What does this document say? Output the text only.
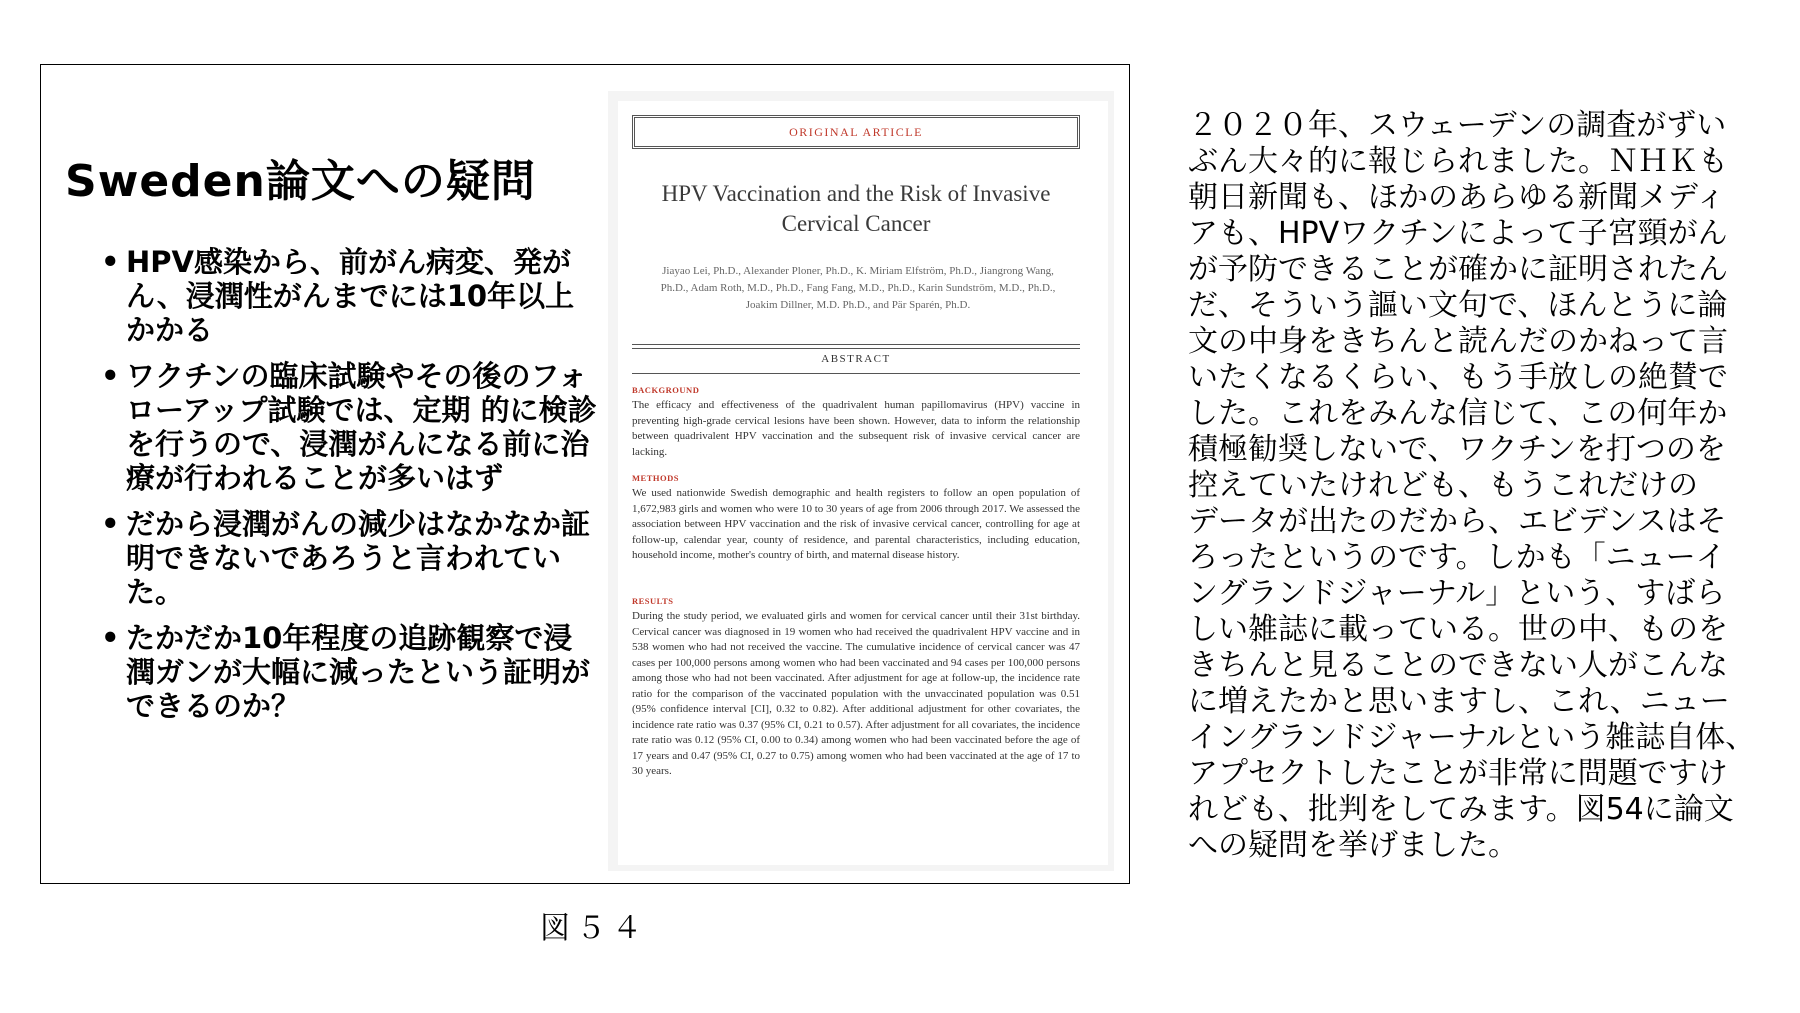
Sweden論文への疑問
• HPV感染から、前がん病変、発がん、浸潤性がんまでには10年以上かかる
• ワクチンの臨床試験やその後のフォローアップ試験では、定期 的に検診を行うので、浸潤がんになる前に治療が行われることが多いはず
• だから浸潤がんの減少はなかなか証明できないであろうと言われていた。
• たかだか10年程度の追跡観察で浸潤ガンが大幅に減ったという証明ができるのか？
ORIGINAL ARTICLE
HPV Vaccination and the Risk of Invasive Cervical Cancer
Jiayao Lei, Ph.D., Alexander Ploner, Ph.D., K. Miriam Elfström, Ph.D., Jiangrong Wang, Ph.D., Adam Roth, M.D., Ph.D., Fang Fang, M.D., Ph.D., Karin Sundström, M.D., Ph.D., Joakim Dillner, M.D. Ph.D., and Pär Sparén, Ph.D.
ABSTRACT
BACKGROUND

The efficacy and effectiveness of the quadrivalent human papillomavirus (HPV) vaccine in preventing high-grade cervical lesions have been shown. However, data to inform the relationship between quadrivalent HPV vaccination and the subsequent risk of invasive cervical cancer are lacking.

METHODS

We used nationwide Swedish demographic and health registers to follow an open population of 1,672,983 girls and women who were 10 to 30 years of age from 2006 through 2017. We assessed the association between HPV vaccination and the risk of invasive cervical cancer, controlling for age at follow-up, calendar year, county of residence, and parental characteristics, including education, household income, mother's country of birth, and maternal disease history.

RESULTS

During the study period, we evaluated girls and women for cervical cancer until their 31st birthday. Cervical cancer was diagnosed in 19 women who had received the quadrivalent HPV vaccine and in 538 women who had not received the vaccine. The cumulative incidence of cervical cancer was 47 cases per 100,000 persons among women who had been vaccinated and 94 cases per 100,000 persons among those who had not been vaccinated. After adjustment for age at follow-up, the incidence rate ratio for the comparison of the vaccinated population with the unvaccinated population was 0.51 (95% confidence interval [CI], 0.32 to 0.82). After additional adjustment for other covariates, the incidence rate ratio was 0.37 (95% CI, 0.21 to 0.57). After adjustment for all covariates, the incidence rate ratio was 0.12 (95% CI, 0.00 to 0.34) among women who had been vaccinated before the age of 17 years and 0.47 (95% CI, 0.27 to 0.75) among women who had been vaccinated at the age of 17 to 30 years.

図５４
２０２０年、スウェーデンの調査がずい
ぶん大々的に報じられました。ＮＨＫも
朝日新聞も、ほかのあらゆる新聞メディ
アも、HPVワクチンによって子宮頸がん
が予防できることが確かに証明されたん
だ、そういう謳い文句で、ほんとうに論
文の中身をきちんと読んだのかねって言
いたくなるくらい、もう手放しの絶賛で
した。これをみんな信じて、この何年か
積極勧奨しないで、ワクチンを打つのを
控えていたけれども、もうこれだけの
データが出たのだから、エビデンスはそ
ろったというのです。しかも「ニューイ
ングランドジャーナル」という、すばら
しい雑誌に載っている。世の中、ものを
きちんと見ることのできない人がこんな
に増えたかと思いますし、これ、ニュー
イングランドジャーナルという雑誌自体、
アプセクトしたことが非常に問題ですけ
れども、批判をしてみます。図54に論文
への疑問を挙げました。
